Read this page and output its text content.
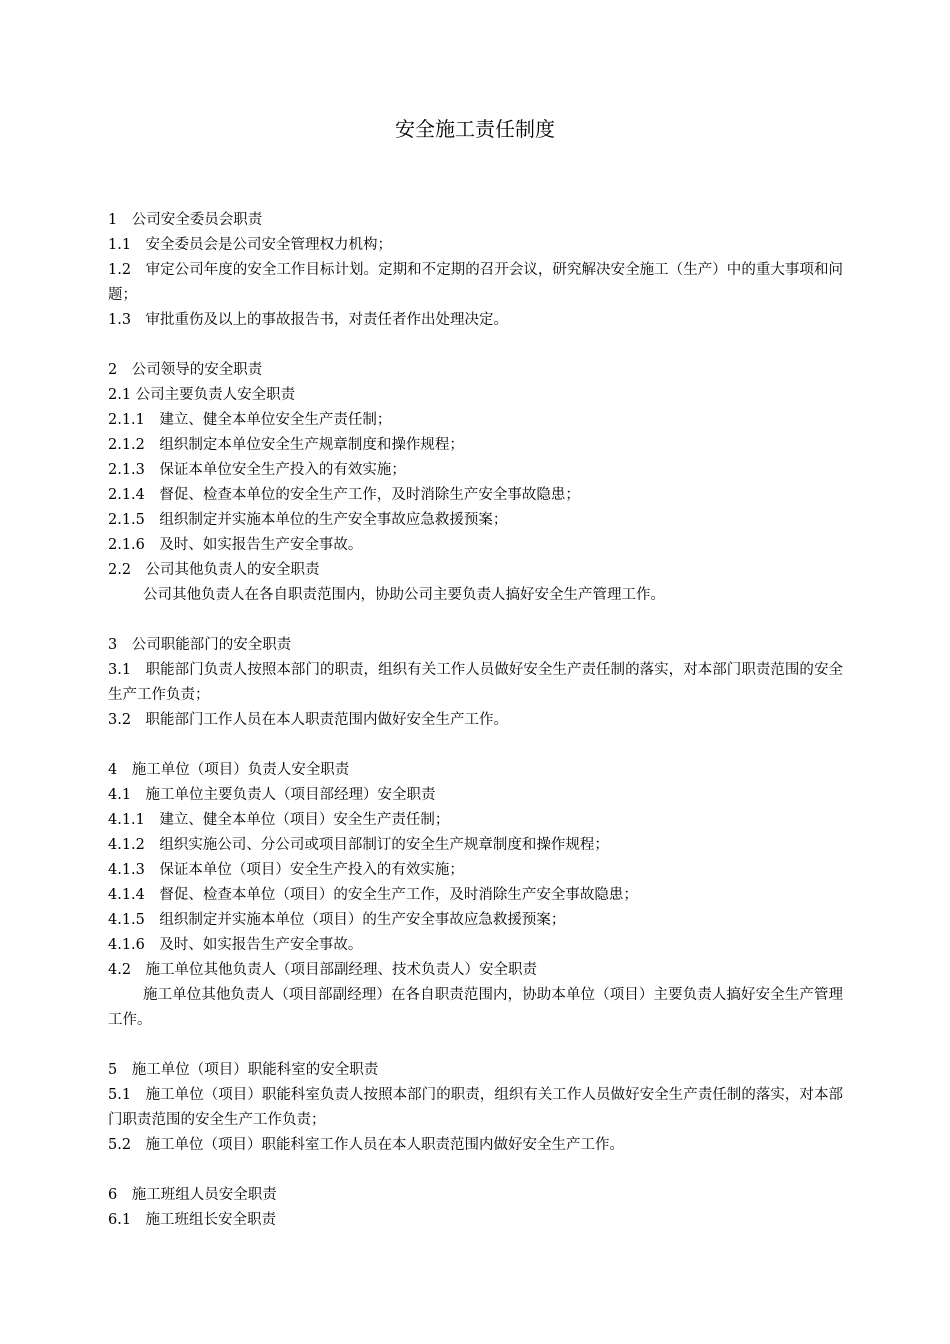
安全施工责任制度
1　公司安全委员会职责
1.1　安全委员会是公司安全管理权力机构；
1.2　审定公司年度的安全工作目标计划。定期和不定期的召开会议，研究解决安全施工（生产）中的重大事项和问题；
1.3　审批重伤及以上的事故报告书，对责任者作出处理决定。
2　公司领导的安全职责
2.1 公司主要负责人安全职责
2.1.1　建立、健全本单位安全生产责任制；
2.1.2　组织制定本单位安全生产规章制度和操作规程；
2.1.3　保证本单位安全生产投入的有效实施；
2.1.4　督促、检查本单位的安全生产工作，及时消除生产安全事故隐患；
2.1.5　组织制定并实施本单位的生产安全事故应急救援预案；
2.1.6　及时、如实报告生产安全事故。
2.2　公司其他负责人的安全职责
公司其他负责人在各自职责范围内，协助公司主要负责人搞好安全生产管理工作。
3　公司职能部门的安全职责
3.1　职能部门负责人按照本部门的职责，组织有关工作人员做好安全生产责任制的落实，对本部门职责范围的安全生产工作负责；
3.2　职能部门工作人员在本人职责范围内做好安全生产工作。
4　施工单位（项目）负责人安全职责
4.1　施工单位主要负责人（项目部经理）安全职责
4.1.1　建立、健全本单位（项目）安全生产责任制；
4.1.2　组织实施公司、分公司或项目部制订的安全生产规章制度和操作规程；
4.1.3　保证本单位（项目）安全生产投入的有效实施；
4.1.4　督促、检查本单位（项目）的安全生产工作，及时消除生产安全事故隐患；
4.1.5　组织制定并实施本单位（项目）的生产安全事故应急救援预案；
4.1.6　及时、如实报告生产安全事故。
4.2　施工单位其他负责人（项目部副经理、技术负责人）安全职责
施工单位其他负责人（项目部副经理）在各自职责范围内，协助本单位（项目）主要负责人搞好安全生产管理工作。
5　施工单位（项目）职能科室的安全职责
5.1　施工单位（项目）职能科室负责人按照本部门的职责，组织有关工作人员做好安全生产责任制的落实，对本部门职责范围的安全生产工作负责；
5.2　施工单位（项目）职能科室工作人员在本人职责范围内做好安全生产工作。
6　施工班组人员安全职责
6.1　施工班组长安全职责
